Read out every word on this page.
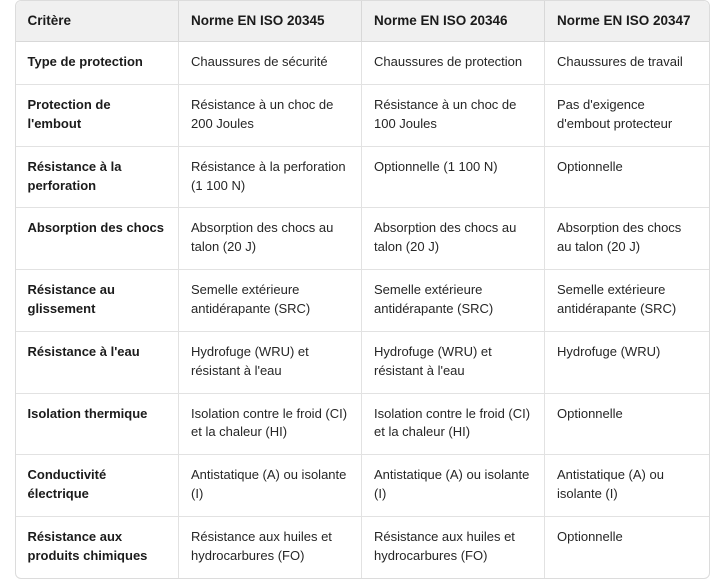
Critère	Norme EN ISO 20345	Norme EN ISO 20346	Norme EN ISO 20347
Type de protection	Chaussures de sécurité	Chaussures de protection	Chaussures de travail
Protection de l'embout	Résistance à un choc de 200 Joules	Résistance à un choc de 100 Joules	Pas d'exigence d'embout protecteur
Résistance à la perforation	Résistance à la perforation (1 100 N)	Optionnelle (1 100 N)	Optionnelle
Absorption des chocs	Absorption des chocs au talon (20 J)	Absorption des chocs au talon (20 J)	Absorption des chocs au talon (20 J)
Résistance au glissement	Semelle extérieure antidérapante (SRC)	Semelle extérieure antidérapante (SRC)	Semelle extérieure antidérapante (SRC)
Résistance à l'eau	Hydrofuge (WRU) et résistant à l'eau	Hydrofuge (WRU) et résistant à l'eau	Hydrofuge (WRU)
Isolation thermique	Isolation contre le froid (CI) et la chaleur (HI)	Isolation contre le froid (CI) et la chaleur (HI)	Optionnelle
Conductivité électrique	Antistatique (A) ou isolante (I)	Antistatique (A) ou isolante (I)	Antistatique (A) ou isolante (I)
Résistance aux produits chimiques	Résistance aux huiles et hydrocarbures (FO)	Résistance aux huiles et hydrocarbures (FO)	Optionnelle
